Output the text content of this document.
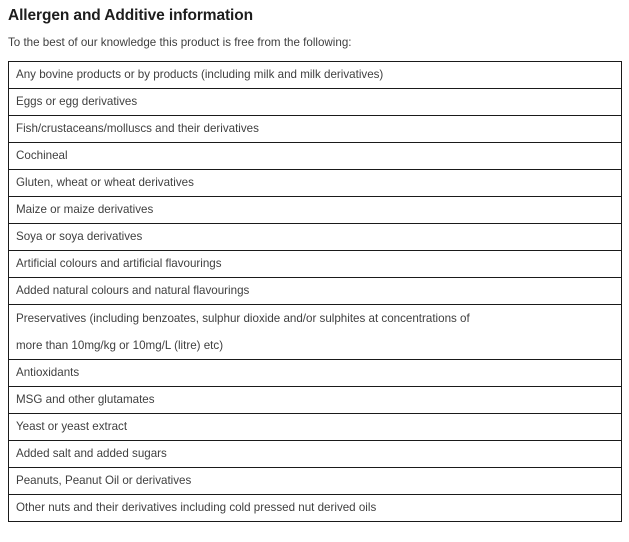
Allergen and Additive information

To the best of our knowledge this product is free from the following:

Any bovine products or by products (including milk and milk derivatives)
Eggs or egg derivatives
Fish/crustaceans/molluscs and their derivatives
Cochineal
Gluten, wheat or wheat derivatives
Maize or maize derivatives
Soya or soya derivatives
Artificial colours and artificial flavourings
Added natural colours and natural flavourings

Preservatives (including benzoates, sulphur dioxide and/or sulphites at concentrations of
more than 10mg/kg or 10mg/L (litre) etc)

Antioxidants
MSG and other glutamates
Yeast or yeast extract
Added salt and added sugars
Peanuts, Peanut Oil or derivatives
Other nuts and their derivatives including cold pressed nut derived oils
